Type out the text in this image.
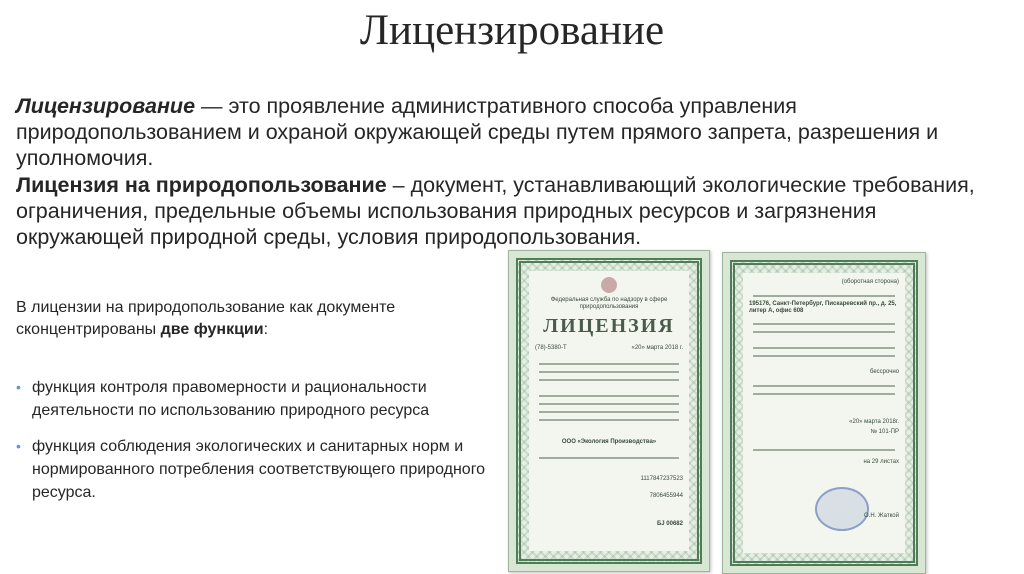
Лицензирование
Лицензирование — это проявление административного способа управления природопользованием и охраной окружающей среды путем прямого запрета, разрешения и уполномочия.
Лицензия на природопользование – документ, устанавливающий экологические требования, ограничения, предельные объемы использования природных ресурсов и загрязнения окружающей природной среды, условия природопользования.
В лицензии на природопользование как документе сконцентрированы две функции:
• функция контроля правомерности и рациональности деятельности по использованию природного ресурса
• функция соблюдения экологических и санитарных норм и нормированного потребления соответствующего природного ресурса.
Федеральная служба по надзору в сфере природопользования
ЛИЦЕНЗИЯ
(78)-5380-Т	«20» марта 2018 г.
ООО «Экология Производства»
1117847237523
7806455944
БJ 00682
(оборотная сторона)
195176, Санкт-Петербург, Пискаревский пр., д. 25, литер А, офис 608
бессрочно
«20» марта 2018г.
№ 101-ПР
на 29 листах
О.Н. Жаткой
